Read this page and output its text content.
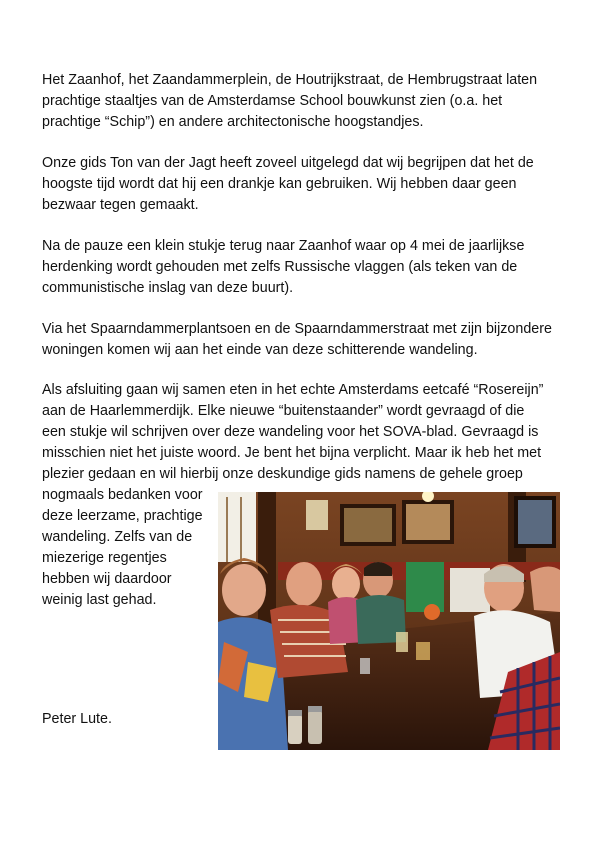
Het Zaanhof, het Zaandammerplein, de Houtrijkstraat, de Hembrugstraat laten
prachtige staaltjes van de Amsterdamse School bouwkunst zien (o.a. het
prachtige “Schip”) en andere architectonische hoogstandjes.

Onze gids Ton van der Jagt heeft zoveel uitgelegd dat wij begrijpen dat het de
hoogste tijd wordt dat hij een drankje kan gebruiken. Wij hebben daar geen
bezwaar tegen gemaakt.

Na de pauze een klein stukje terug naar Zaanhof waar op 4 mei de jaarlijkse
herdenking wordt gehouden met zelfs Russische vlaggen (als teken van de
communistische inslag van deze buurt).

Via het Spaarndammerplantsoen en de Spaarndammerstraat met zijn bijzondere
woningen komen wij aan het einde van deze schitterende wandeling.

Als afsluiting gaan wij samen eten in het echte Amsterdams eetcafé “Rosereijn”
aan de Haarlemmerdijk. Elke nieuwe “buitenstaander” wordt gevraagd of die
een stukje wil schrijven over deze wandeling voor het SOVA-blad. Gevraagd is
misschien niet het juiste woord. Je bent het bijna verplicht. Maar ik heb het met
plezier gedaan en wil hierbij onze deskundige gids namens de gehele groep
nogmaals bedanken voor
deze leerzame, prachtige
wandeling. Zelfs van de
miezerige regentjes
hebben wij daardoor
weinig last gehad.

Peter Lute.
